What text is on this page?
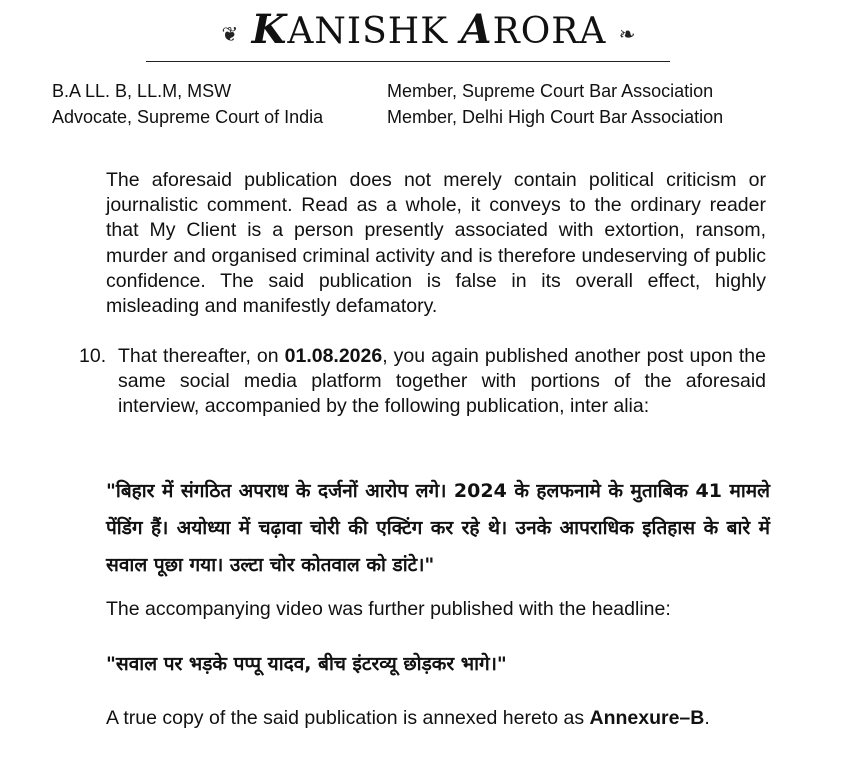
❦ KANISHK ARORA ❧
B.A LL. B, LL.M, MSW
Advocate, Supreme Court of India
Member, Supreme Court Bar Association
Member, Delhi High Court Bar Association
The aforesaid publication does not merely contain political criticism or journalistic comment. Read as a whole, it conveys to the ordinary reader that My Client is a person presently associated with extortion, ransom, murder and organised criminal activity and is therefore undeserving of public confidence. The said publication is false in its overall effect, highly misleading and manifestly defamatory.
10. That thereafter, on 01.08.2026, you again published another post upon the same social media platform together with portions of the aforesaid interview, accompanied by the following publication, inter alia:
"बिहार में संगठित अपराध के दर्जनों आरोप लगे। 2024 के हलफनामे के मुताबिक 41 मामले पेंडिंग हैं। अयोध्या में चढ़ावा चोरी की एक्टिंग कर रहे थे। उनके आपराधिक इतिहास के बारे में सवाल पूछा गया। उल्टा चोर कोतवाल को डांटे।"
The accompanying video was further published with the headline:
"सवाल पर भड़के पप्पू यादव, बीच इंटरव्यू छोड़कर भागे।"
A true copy of the said publication is annexed hereto as Annexure–B.
